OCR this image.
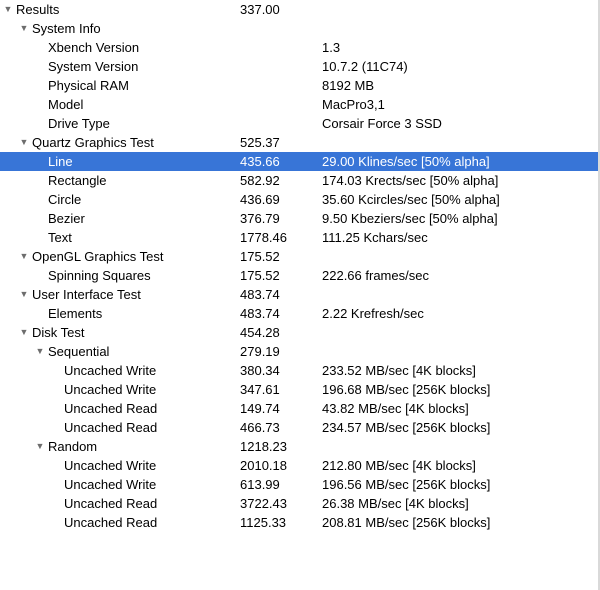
▼ Results	337.00
▼ System Info
Xbench Version	1.3
System Version	10.7.2 (11C74)
Physical RAM	8192 MB
Model	MacPro3,1
Drive Type	Corsair Force 3 SSD
▼ Quartz Graphics Test	525.37
Line	435.66	29.00 Klines/sec [50% alpha]
Rectangle	582.92	174.03 Krects/sec [50% alpha]
Circle	436.69	35.60 Kcircles/sec [50% alpha]
Bezier	376.79	9.50 Kbeziers/sec [50% alpha]
Text	1778.46	111.25 Kchars/sec
▼ OpenGL Graphics Test	175.52
Spinning Squares	175.52	222.66 frames/sec
▼ User Interface Test	483.74
Elements	483.74	2.22 Krefresh/sec
▼ Disk Test	454.28
▼ Sequential	279.19
Uncached Write	380.34	233.52 MB/sec [4K blocks]
Uncached Write	347.61	196.68 MB/sec [256K blocks]
Uncached Read	149.74	43.82 MB/sec [4K blocks]
Uncached Read	466.73	234.57 MB/sec [256K blocks]
▼ Random	1218.23
Uncached Write	2010.18	212.80 MB/sec [4K blocks]
Uncached Write	613.99	196.56 MB/sec [256K blocks]
Uncached Read	3722.43	26.38 MB/sec [4K blocks]
Uncached Read	1125.33	208.81 MB/sec [256K blocks]
